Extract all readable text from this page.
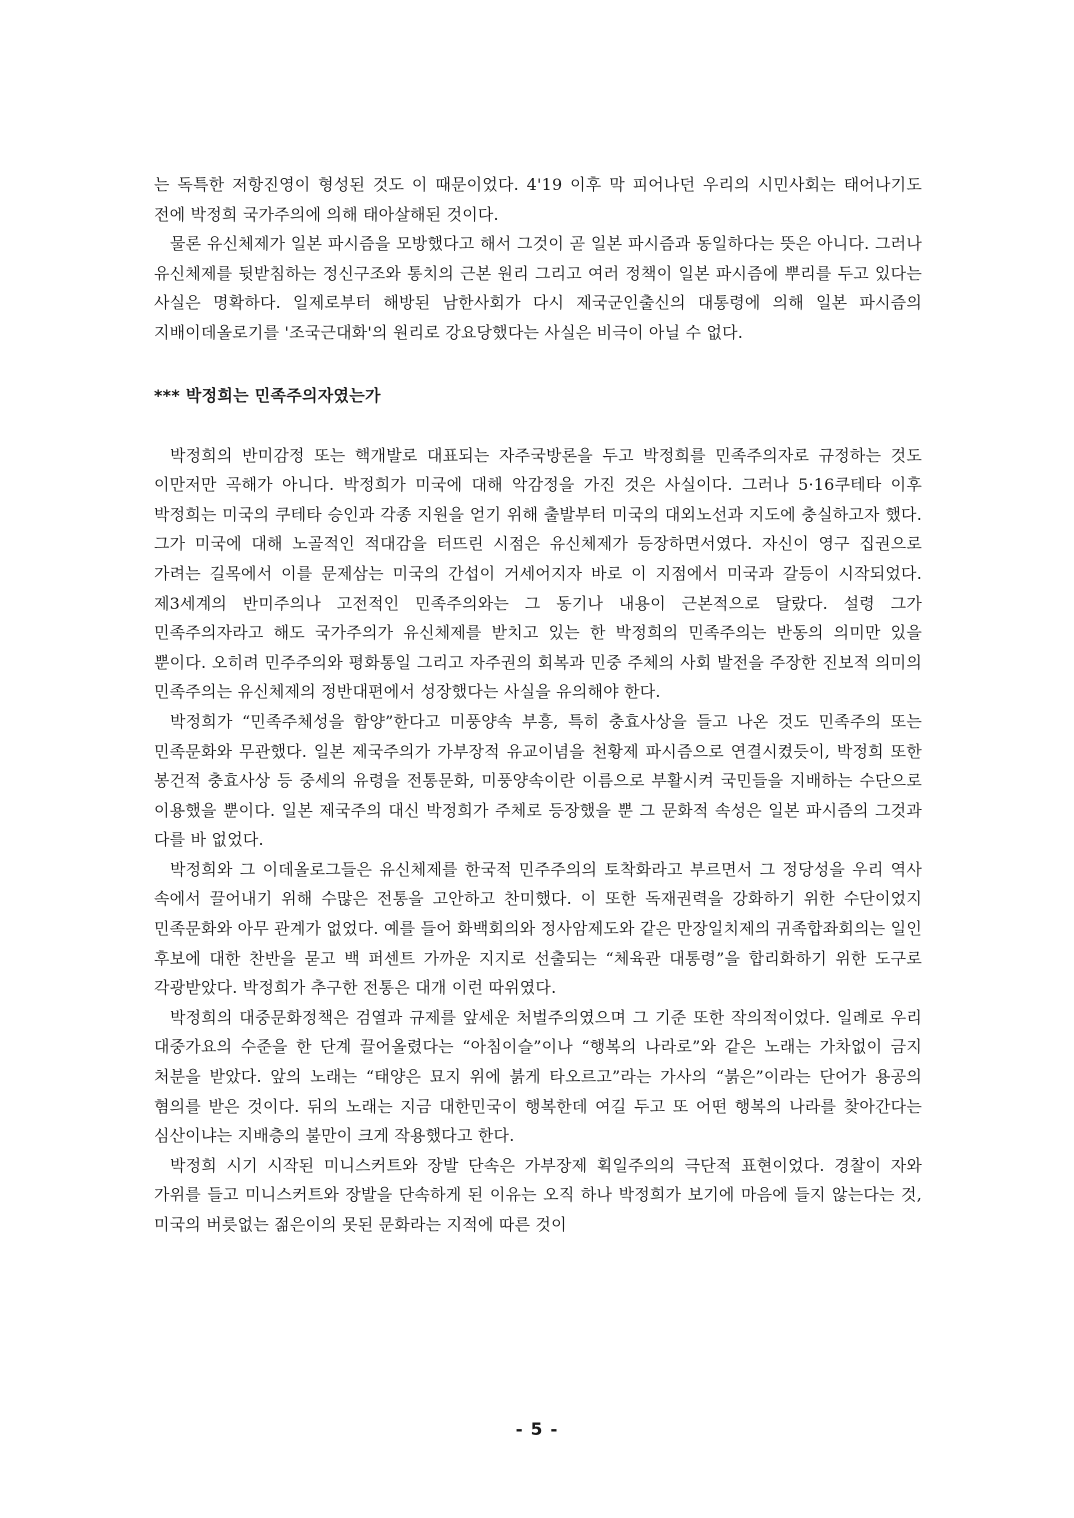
는 독특한 저항진영이 형성된 것도 이 때문이었다. 4'19 이후 막 피어나던 우리의 시민사회는 태어나기도 전에 박정희 국가주의에 의해 태아살해된 것이다.

물론 유신체제가 일본 파시즘을 모방했다고 해서 그것이 곧 일본 파시즘과 동일하다는 뜻은 아니다. 그러나 유신체제를 뒷받침하는 정신구조와 통치의 근본 원리 그리고 여러 정책이 일본 파시즘에 뿌리를 두고 있다는 사실은 명확하다. 일제로부터 해방된 남한사회가 다시 제국군인출신의 대통령에 의해 일본 파시즘의 지배이데올로기를 '조국근대화'의 원리로 강요당했다는 사실은 비극이 아닐 수 없다.

*** 박정희는 민족주의자였는가

박정희의 반미감정 또는 핵개발로 대표되는 자주국방론을 두고 박정희를 민족주의자로 규정하는 것도 이만저만 곡해가 아니다. 박정희가 미국에 대해 악감정을 가진 것은 사실이다. 그러나 5·16쿠테타 이후 박정희는 미국의 쿠테타 승인과 각종 지원을 얻기 위해 출발부터 미국의 대외노선과 지도에 충실하고자 했다. 그가 미국에 대해 노골적인 적대감을 터뜨린 시점은 유신체제가 등장하면서였다. 자신이 영구 집권으로 가려는 길목에서 이를 문제삼는 미국의 간섭이 거세어지자 바로 이 지점에서 미국과 갈등이 시작되었다. 제3세계의 반미주의나 고전적인 민족주의와는 그 동기나 내용이 근본적으로 달랐다. 설령 그가 민족주의자라고 해도 국가주의가 유신체제를 받치고 있는 한 박정희의 민족주의는 반동의 의미만 있을 뿐이다. 오히려 민주주의와 평화통일 그리고 자주권의 회복과 민중 주체의 사회 발전을 주장한 진보적 의미의 민족주의는 유신체제의 정반대편에서 성장했다는 사실을 유의해야 한다.

박정희가 “민족주체성을 함양”한다고 미풍양속 부흥, 특히 충효사상을 들고 나온 것도 민족주의 또는 민족문화와 무관했다. 일본 제국주의가 가부장적 유교이념을 천황제 파시즘으로 연결시켰듯이, 박정희 또한 봉건적 충효사상 등 중세의 유령을 전통문화, 미풍양속이란 이름으로 부활시켜 국민들을 지배하는 수단으로 이용했을 뿐이다. 일본 제국주의 대신 박정희가 주체로 등장했을 뿐 그 문화적 속성은 일본 파시즘의 그것과 다를 바 없었다.

박정희와 그 이데올로그들은 유신체제를 한국적 민주주의의 토착화라고 부르면서 그 정당성을 우리 역사 속에서 끌어내기 위해 수많은 전통을 고안하고 찬미했다. 이 또한 독재권력을 강화하기 위한 수단이었지 민족문화와 아무 관계가 없었다. 예를 들어 화백회의와 정사암제도와 같은 만장일치제의 귀족합좌회의는 일인 후보에 대한 찬반을 묻고 백 퍼센트 가까운 지지로 선출되는 “체육관 대통령”을 합리화하기 위한 도구로 각광받았다. 박정희가 추구한 전통은 대개 이런 따위였다.

박정희의 대중문화정책은 검열과 규제를 앞세운 처벌주의였으며 그 기준 또한 작의적이었다. 일례로 우리 대중가요의 수준을 한 단계 끌어올렸다는 “아침이슬”이나 “행복의 나라로”와 같은 노래는 가차없이 금지 처분을 받았다. 앞의 노래는 “태양은 묘지 위에 붉게 타오르고”라는 가사의 “붉은”이라는 단어가 용공의 혐의를 받은 것이다. 뒤의 노래는 지금 대한민국이 행복한데 여길 두고 또 어떤 행복의 나라를 찾아간다는 심산이냐는 지배층의 불만이 크게 작용했다고 한다.

박정희 시기 시작된 미니스커트와 장발 단속은 가부장제 획일주의의 극단적 표현이었다. 경찰이 자와 가위를 들고 미니스커트와 장발을 단속하게 된 이유는 오직 하나 박정희가 보기에 마음에 들지 않는다는 것, 미국의 버릇없는 젊은이의 못된 문화라는 지적에 따른 것이

- 5 -
